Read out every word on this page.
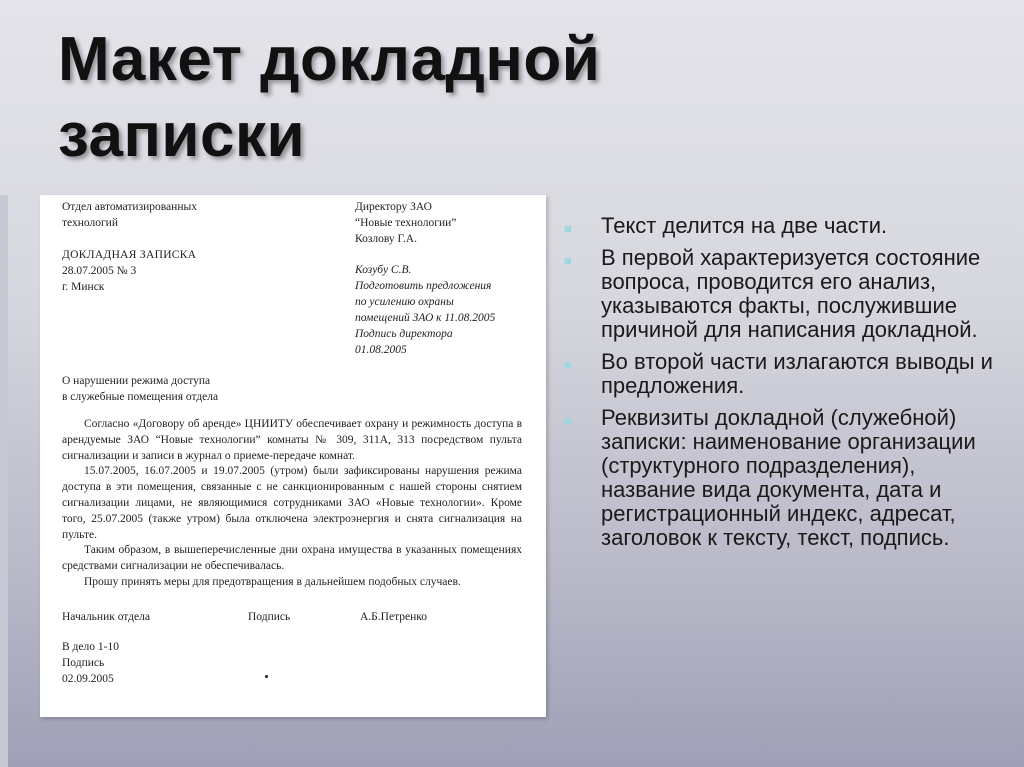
Макет докладной
записки
Отдел автоматизированных
технологий
Директору ЗАО
“Новые технологии”
Козлову Г.А.
ДОКЛАДНАЯ ЗАПИСКА
28.07.2005 № 3
г. Минск
Козубу С.В.
Подготовить предложения
по усилению охраны
помещений ЗАО к 11.08.2005
Подпись директора
01.08.2005
О нарушении режима доступа
в служебные помещения отдела

Согласно «Договору об аренде» ЦНИИТУ обеспечивает охрану и режимность доступа в арендуемые ЗАО “Новые технологии” комнаты № 309, 311А, 313 посредством пульта сигнализации и записи в журнал о приеме-передаче комнат.

15.07.2005, 16.07.2005 и 19.07.2005 (утром) были зафиксированы нарушения режима доступа в эти помещения, связанные с не санкционированным с нашей стороны снятием сигнализации лицами, не являющимися сотрудниками ЗАО «Новые технологии». Кроме того, 25.07.2005 (также утром) была отключена электроэнергия и снята сигнализация на пульте.

Таким образом, в вышеперечисленные дни охрана имущества в указанных помещениях средствами сигнализации не обеспечивалась.

Прошу принять меры для предотвращения в дальнейшем подобных случаев.

Начальник отдела	Подпись	А.Б.Петренко
В дело 1-10
Подпись
02.09.2005
■ Текст делится на две части.
■ В первой характеризуется состояние вопроса, проводится его анализ, указываются факты, послужившие причиной для написания докладной.
■ Во второй части излагаются выводы и предложения.
■ Реквизиты докладной (служебной) записки: наименование организации (структурного подразделения), название вида документа, дата и регистрационный индекс, адресат, заголовок к тексту, текст, подпись.
